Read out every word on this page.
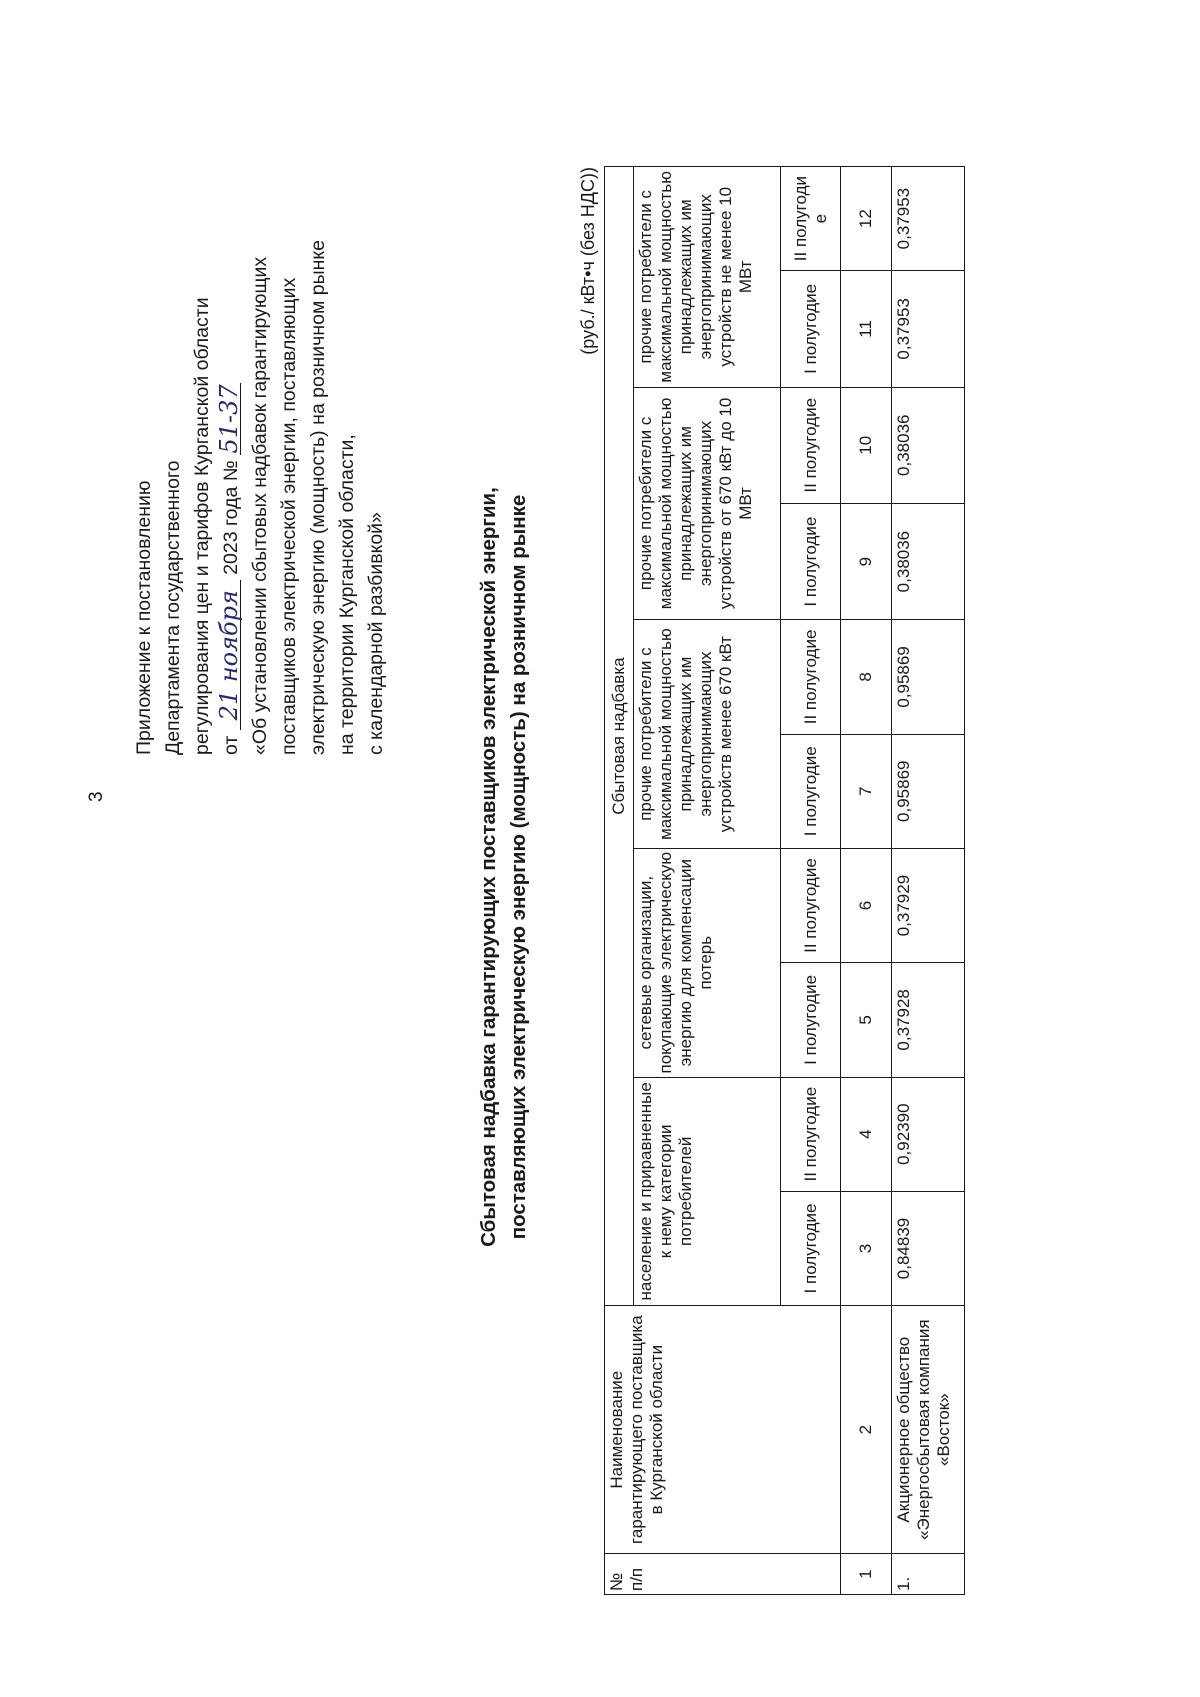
3
Приложение к постановлению Департамента государственного регулирования цен и тарифов Курганской области от 21 ноября 2023 года № 51-37 «Об установлении сбытовых надбавок гарантирующих поставщиков электрической энергии, поставляющих электрическую энергию (мощность) на розничном рынке на территории Курганской области, с календарной разбивкой»	Сбытовая надбавка гарантирующих поставщиков электрической энергии, поставляющих электрическую энергию (мощность) на розничном рынке
(руб./ кВт•ч (без НДС))
№ п/п	Наименование гарантирующего поставщика в Курганской области	Сбытовая надбавка									
		население и приравненные к нему категории потребителей		сетевые организации, покупающие электрическую энергию для компенсации потерь		прочие потребители с максимальной мощностью принадлежащих им энергопринимающих устройств менее 670 кВт		прочие потребители с максимальной мощностью принадлежащих им энергопринимающих устройств от 670 кВт до 10 МВт		прочие потребители с максимальной мощностью принадлежащих им энергопринимающих устройств не менее 10 МВт	
		I полугодие	II полугодие	I полугодие	II полугодие	I полугодие	II полугодие	I полугодие	II полугодие	I полугодие	II полугоди е
1	2	3	4	5	6	7	8	9	10	11	12
1.	Акционерное общество «Энергосбытовая компания «Восток»	0,84839	0,92390	0,37928	0,37929	0,95869	0,95869	0,38036	0,38036	0,37953	0,37953
